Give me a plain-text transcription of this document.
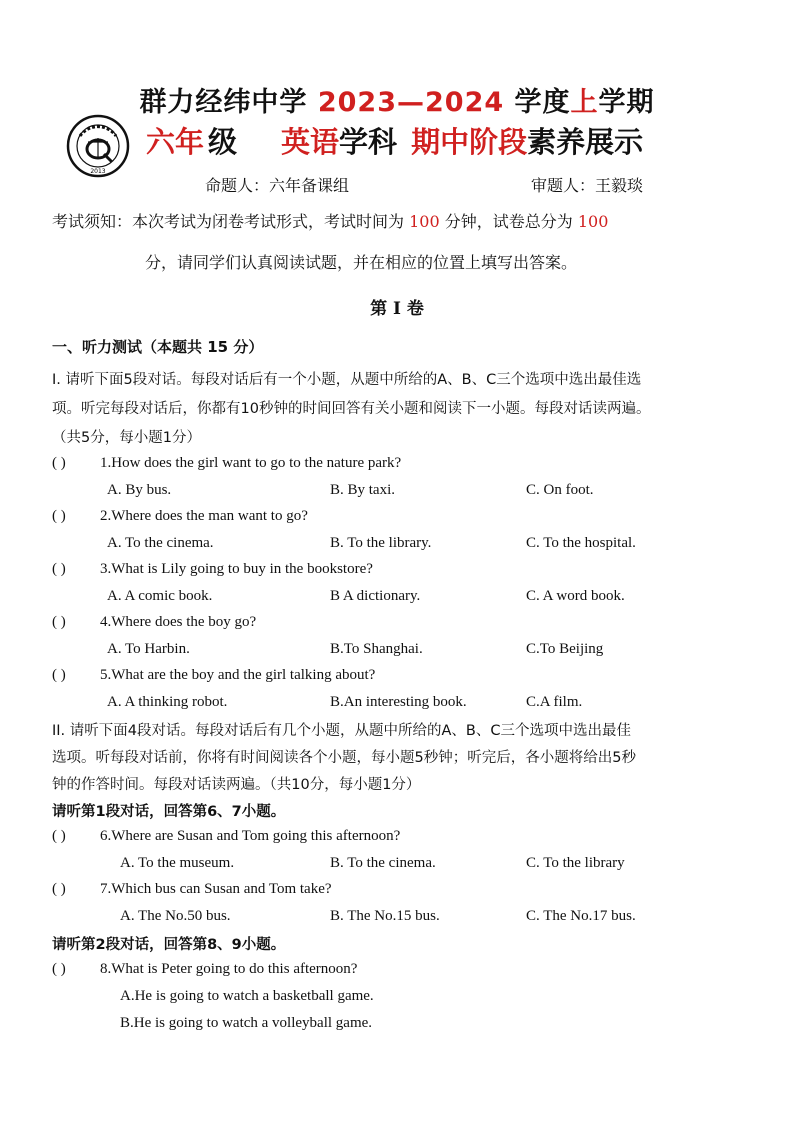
群力经纬中学 2023—2024 学度上学期
2013
六年 级 英语学科 期中阶段素养展示
命题人：六年备课组	审题人：王毅琰
考试须知：本次考试为闭卷考试形式，考试时间为 100 分钟，试卷总分为 100
分，请同学们认真阅读试题，并在相应的位置上填写出答案。
第 I 卷
一、听力测试（本题共 15 分）
I. 请听下面5段对话。每段对话后有一个小题，从题中所给的A、B、C三个选项中选出最佳选
项。听完每段对话后，你都有10秒钟的时间回答有关小题和阅读下一小题。每段对话读两遍。
（共5分，每小题1分）
( ) 1.How does the girl want to go to the nature park?
A. By bus.	B. By taxi.	C. On foot.
( ) 2.Where does the man want to go?
A. To the cinema.	B. To the library.	C. To the hospital.
( ) 3.What is Lily going to buy in the bookstore?
A. A comic book.	B A dictionary.	C. A word book.
( ) 4.Where does the boy go?
A. To Harbin.	B.To Shanghai.	C.To Beijing
( ) 5.What are the boy and the girl talking about?
A. A thinking robot.	B.An interesting book.	C.A film.
II. 请听下面4段对话。每段对话后有几个小题，从题中所给的A、B、C三个选项中选出最佳
选项。听每段对话前，你将有时间阅读各个小题，每小题5秒钟；听完后，各小题将给出5秒
钟的作答时间。每段对话读两遍。（共10分，每小题1分）
请听第1段对话，回答第6、7小题。
( ) 6.Where are Susan and Tom going this afternoon?
A. To the museum.	B. To the cinema.	C. To the library
( ) 7.Which bus can Susan and Tom take?
A. The No.50 bus.	B. The No.15 bus.	C. The No.17 bus.
请听第2段对话，回答第8、9小题。
( ) 8.What is Peter going to do this afternoon?
A.He is going to watch a basketball game.
B.He is going to watch a volleyball game.
